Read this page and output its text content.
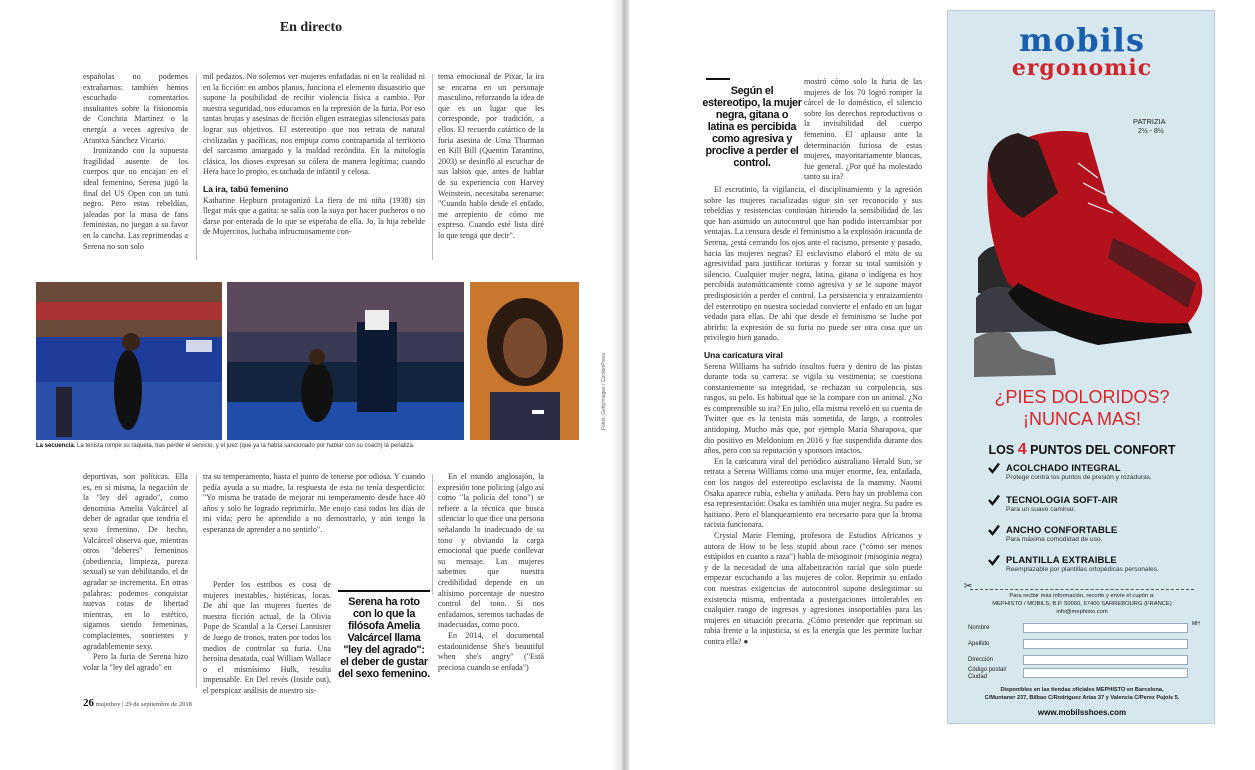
En directo

españolas no podemos extrañarnos: también hemos escuchado comentarios insultantes sobre la fisionomía de Conchita Martínez o la energía a veces agresiva de Arantxa Sánchez Vicario.

Ironizando con la supuesta fragilidad ausente de los cuerpos que no encajan en el ideal femenino, Serena jugó la final del US Open con un tutú negro. Pero estas rebeldías, jaleadas por la masa de fans feministas, no juegan a su favor en la cancha. Las reprimendas a Serena no son solo

mil pedazos. No solemos ver mujeres enfadadas ni en la realidad ni en la ficción: en ambos planos, funciona el elemento disuasorio que supone la posibilidad de recibir violencia física a cambio. Por nuestra seguridad, nos educamos en la represión de la furia. Por eso tantas brujas y asesinas de ficción eligen estrategias silenciosas para lograr sus objetivos. El estereotipo que nos retrata de natural civilizadas y pacíficas, nos empuja como contrapartida al territorio del sarcasmo amargado y la maldad recóndita. En la mitología clásica, los dioses expresan su cólera de manera legítima; cuando Hera hace lo propio, es tachada de infantil y celosa.

La ira, tabú femenino

Katharine Hepburn protagonizó La fiera de mi niña (1938) sin llegar más que a gatita: se salía con la suya por hacer pucheros o no darse por enterada de lo que se esperaba de ella. Jo, la hija rebelde de Mujercitos, luchaba infructuosamente con-

tema emocional de Pixar, la ira se encarna en un personaje masculino, reforzando la idea de que es un lugar que les corresponde, por tradición, a ellos. El recuerdo catártico de la furia asesina de Uma Thurman en Kill Bill (Quentin Tarantino, 2003) se desinfló al escuchar de sus labios que, antes de hablar de su experiencia con Harvey Weinstein, necesitaba serenarse: "Cuando hablo desde el enfado, me arrepiento de cómo me expreso. Cuando esté lista diré lo que tenga que decir".

La secuencia. La tenista rompe su raqueta, tras perder el servicio, y el juez (que ya la había sancionado por hablar con su coach) la penaliza.

deportivas, son políticas. Ella es, en sí misma, la negación de la "ley del agrado", como denomina Amelia Valcárcel al deber de agradar que tendría el sexo femenino. De hecho, Valcárcel observa que, mientras otros "deberes" femeninos (obediencia, limpieza, pureza sexual) se van debilitando, el de agradar se incrementa. En otras palabras: podemos conquistar nuevas cotas de libertad mientras, en lo estético, sigamos siendo femeninas, complacientes, sonrientes y agradablemente sexy.

Pero la furia de Serena hizo volar la "ley del agrado" en

tra su temperamento, hasta el punto de tenerse por odiosa. Y cuando pedía ayuda a su madre, la respuesta de esta no tenía desperdicio: "Yo misma he tratado de mejorar mi temperamento desde hace 40 años y solo he logrado reprimirlo. Me enojo casi todos los días de mi vida; pero he aprendido a no demostrarlo, y aún tengo la esperanza de aprender a no sentirlo".

Perder los estribos es cosa de mujeres inestables, histéricas, locas. De ahí que las mujeres fuertes de nuestra ficción actual, de la Olivia Pope de Scandal a la Cersei Lannister de Juego de tronos, traten por todos los medios de controlar su furia. Una heroína desatada, cual William Wallace o el mismísimo Hulk, resulta impensable. En Del revés (Inside out), el perspicaz análisis de nuestro sis-

Serena ha roto con lo que la filósofa Amelia Valcárcel llama "ley del agrado": el deber de gustar del sexo femenino.

En el mundo anglosajón, la expresión tone policing (algo así como "la policía del tono") se refiere a la técnica que busca silenciar lo que dice una persona señalando lo inadecuado de su tono y obviando la carga emocional que puede conllevar su mensaje. Las mujeres sabemos que nuestra credibilidad depende en un altísimo porcentaje de nuestro control del tono. Si nos enfadamos, seremos tachadas de inadecuadas, como poco.

En 2014, el documental estadounidense She's beautiful when she's angry" ("Está preciosa cuando se enfada")

26 mujerhoy | 29 de septiembre de 2018
Fotos: GettyImages / CordonPress.
Según el estereotipo, la mujer negra, gitana o latina es percibida como agresiva y proclive a perder el control.

mostró cómo solo la furia de las mujeres de los 70 logró romper la cárcel de lo doméstico, el silencio sobre los derechos reproductivos o la invisibilidad del cuerpo femenino. El aplauso ante la determinación furiosa de estas mujeres, mayoritariamente blancas, fue general. ¿Por qué ha molestado tanto su ira?

El escrutinio, la vigilancia, el disciplinamiento y la agresión sobre las mujeres racializadas sigue sin ser reconocido y sus rebeldías y resistencias continúan hiriendo la sensibilidad de las que han asumido un autocontrol que han podido intercambiar por ventajas. La censura desde el feminismo a la explosión iracunda de Serena, ¿está cerrando los ojos ante el racismo, presente y pasado, hacia las mujeres negras? El esclavismo elaboró el mito de su agresividad para justificar torturas y forzar su total sumisión y silencio. Cualquier mujer negra, latina, gitana o indígena es hoy percibida automáticamente como agresiva y se le supone mayor predisposición a perder el control. La persistencia y enraizamiento del estereotipo en nuestra sociedad convierte el enfado en un lugar vedado para ellas. De ahí que desde el feminismo se luche por abrirlo: la expresión de su furia no puede ser otra cosa que un privilegio bien ganado.

Una caricatura viral

Serena Williams ha sufrido insultos fuera y dentro de las pistas durante toda su carrera: se vigila su vestimenta; se cuestiona constantemente su integridad, se rechazan su corpulencia, sus rasgos, su pelo. Es habitual que se la compare con un animal. ¿No es comprensible su ira? En julio, ella misma reveló en su cuenta de Twitter que es la tenista más sometida, de largo, a controles antidoping. Mucho más que, por ejemplo María Sharapova, que dio positivo en Meldonium en 2016 y fue suspendida durante dos años, pero con su reputación y sponsors intactos.

En la caricatura viral del periódico australiano Herald Sun, se retrata a Serena Williams como una mujer enorme, fea, enfadada, con los rasgos del estereotipo esclavista de la mammy. Naomi Osaka aparece rubia, esbelta y aniñada. Pero hay un problema con esa representación: Osaka es también una mujer negra. Su padre es haitiano. Pero el blanqueamiento era necesario para que la broma racista funcionara.

Crystal Marie Fleming, profesora de Estudios Africanos y autora de How to be less stupid about race ("cómo ser menos estúpidos en cuanto a raza") habla de misoginoir (misoginia negra) y de la necesidad de una alfabetización racial que solo puede empezar escuchando a las mujeres de color. Reprimir su enfado con nuestras exigencias de autocontrol supone deslegitimar su existencia misma, enfrentada a postergaciones intolerables en cualquier rango de ingresos y agresiones insoportables para las mujeres en situación precaria. ¿Cómo pretender que repriman su rabia frente a la injusticia, si es la energía que les permite luchar contra ella? ●

mobils
ergonomic
PATRIZIA
2½ - 8½
¿PIES DOLORIDOS?
¡NUNCA MAS!
LOS 4 PUNTOS DEL CONFORT
ACOLCHADO INTEGRAL
Protege contra los puntos de presión y rozaduras.
TECNOLOGIA SOFT-AIR
Para un suave caminar.
ANCHO CONFORTABLE
Para máxima comodidad de uso.
PLANTILLA EXTRAIBLE
Reemplazable por plantillas ortopédicas personales.
✂
Para recibir más información, recorte y envíe el cupón a:
MEPHISTO / MOBILS, B.P. 50060, 57400 SARREBOURG (FRANCE)
info@mephisto.com
Nombre
MH
Apellido
Dirección
Código postal/ Ciudad
Disponibles en las tiendas oficiales MEPHISTO en Barcelona,
C/Muntaner 237, Bilbao C/Rodriguez Arias 37 y Valencia C/Perez Pujols 5.
www.mobilsshoes.com
